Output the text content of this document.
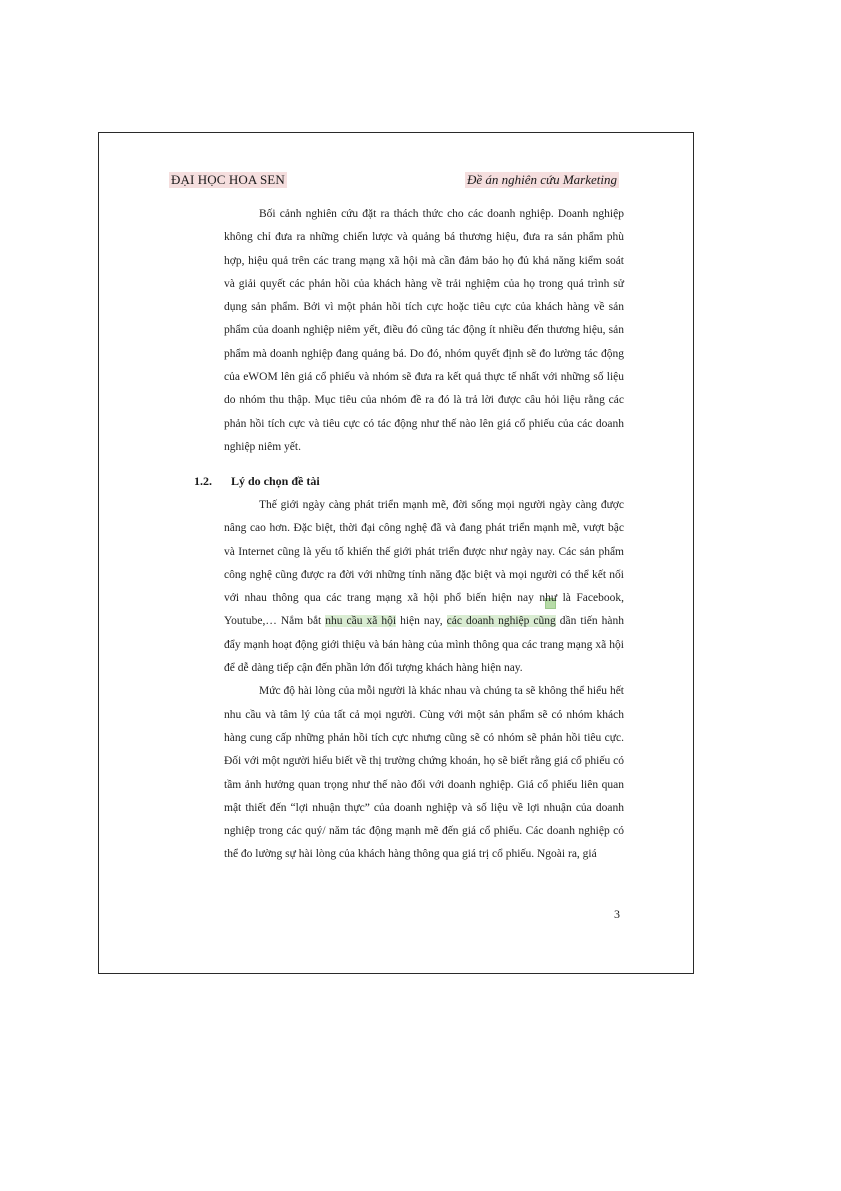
ĐẠI HỌC HOA SEN	Đề án nghiên cứu Marketing

Bối cảnh nghiên cứu đặt ra thách thức cho các doanh nghiệp. Doanh nghiệp không chỉ đưa ra những chiến lược và quảng bá thương hiệu, đưa ra sản phẩm phù hợp, hiệu quả trên các trang mạng xã hội mà cần đảm bảo họ đủ khả năng kiểm soát và giải quyết các phản hồi của khách hàng về trải nghiệm của họ trong quá trình sử dụng sản phẩm. Bởi vì một phản hồi tích cực hoặc tiêu cực của khách hàng về sản phẩm của doanh nghiệp niêm yết, điều đó cũng tác động ít nhiều đến thương hiệu, sản phẩm mà doanh nghiệp đang quảng bá. Do đó, nhóm quyết định sẽ đo lường tác động của eWOM lên giá cổ phiếu và nhóm sẽ đưa ra kết quả thực tế nhất với những số liệu do nhóm thu thập. Mục tiêu của nhóm đề ra đó là trả lời được câu hỏi liệu rằng các phản hồi tích cực và tiêu cực có tác động như thế nào lên giá cổ phiếu của các doanh nghiệp niêm yết.

1.2. Lý do chọn đề tài

Thế giới ngày càng phát triển mạnh mẽ, đời sống mọi người ngày càng được nâng cao hơn. Đặc biệt, thời đại công nghệ đã và đang phát triển mạnh mẽ, vượt bậc và Internet cũng là yếu tố khiến thế giới phát triển được như ngày nay. Các sản phẩm công nghệ cũng được ra đời với những tính năng đặc biệt và mọi người có thể kết nối với nhau thông qua các trang mạng xã hội phổ biến hiện nay như là Facebook, Youtube,… Nắm bắt nhu cầu xã hội hiện nay, các doanh nghiệp cũng dần tiến hành đẩy mạnh hoạt động giới thiệu và bán hàng của mình thông qua các trang mạng xã hội để dễ dàng tiếp cận đến phần lớn đối tượng khách hàng hiện nay.

Mức độ hài lòng của mỗi người là khác nhau và chúng ta sẽ không thể hiểu hết nhu cầu và tâm lý của tất cả mọi người. Cùng với một sản phẩm sẽ có nhóm khách hàng cung cấp những phản hồi tích cực nhưng cũng sẽ có nhóm sẽ phản hồi tiêu cực. Đối với một người hiểu biết về thị trường chứng khoán, họ sẽ biết rằng giá cổ phiếu có tầm ảnh hưởng quan trọng như thế nào đối với doanh nghiệp. Giá cổ phiếu liên quan mật thiết đến “lợi nhuận thực” của doanh nghiệp và số liệu về lợi nhuận của doanh nghiệp trong các quý/ năm tác động mạnh mẽ đến giá cổ phiếu. Các doanh nghiệp có thể đo lường sự hài lòng của khách hàng thông qua giá trị cổ phiếu. Ngoài ra, giá

3
